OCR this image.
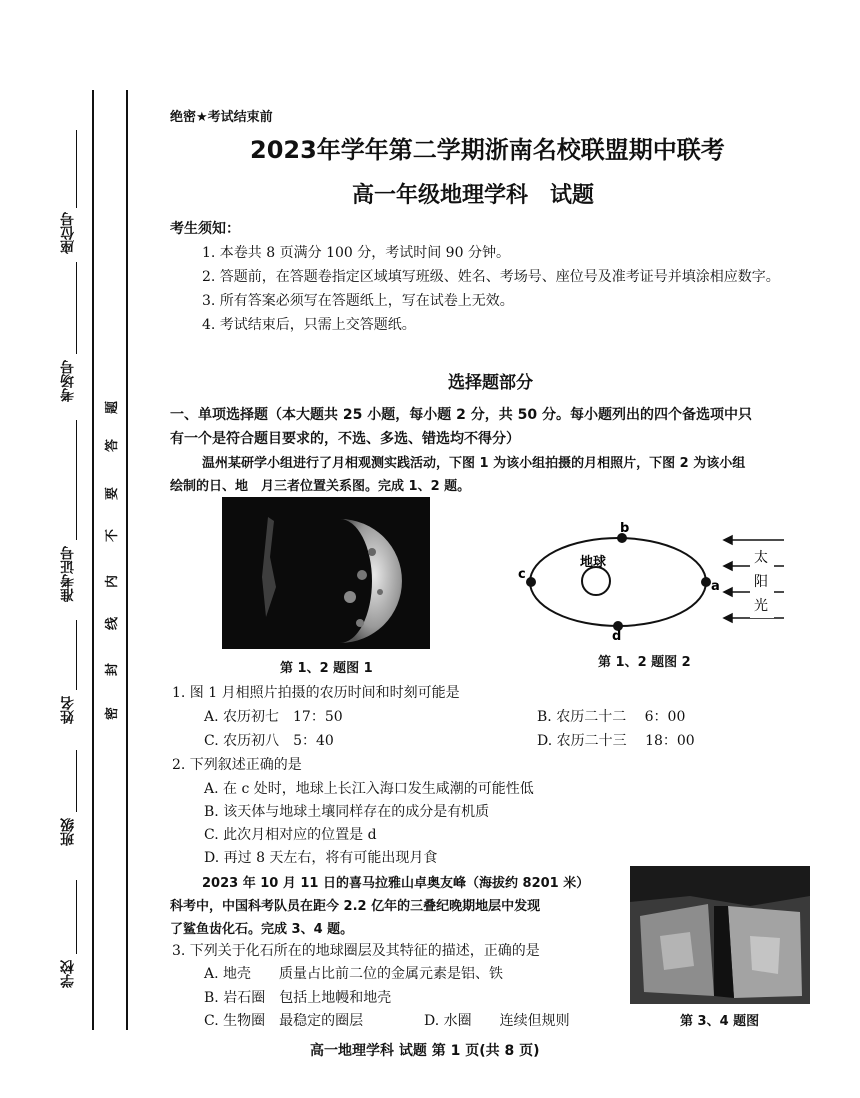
座位号
考场号
准考证号
姓名
班级
学校
题
答
要
不
内
线
封
密
绝密★考试结束前
2023年学年第二学期浙南名校联盟期中联考
高一年级地理学科　试题
考生须知：
1. 本卷共 8 页满分 100 分，考试时间 90 分钟。
2. 答题前，在答题卷指定区域填写班级、姓名、考场号、座位号及准考证号并填涂相应数字。
3. 所有答案必须写在答题纸上，写在试卷上无效。
4. 考试结束后，只需上交答题纸。
选择题部分
一、单项选择题（本大题共 25 小题，每小题 2 分，共 50 分。每小题列出的四个备选项中只
有一个是符合题目要求的，不选、多选、错选均不得分）
温州某研学小组进行了月相观测实践活动，下图 1 为该小组拍摄的月相照片，下图 2 为该小组
绘制的日、地　月三者位置关系图。完成 1、2 题。
第 1、2 题图 1
地球
a
b
c
d
太
阳
光
第 1、2 题图 2
1. 图 1 月相照片拍摄的农历时间和时刻可能是
A. 农历初七　17：50	B. 农历二十二　 6：00
C. 农历初八　5：40	D. 农历二十三　 18：00
2. 下列叙述正确的是
A. 在 c 处时，地球上长江入海口发生咸潮的可能性低
B. 该天体与地球土壤同样存在的成分是有机质
C. 此次月相对应的位置是 d
D. 再过 8 天左右，将有可能出现月食
2023 年 10 月 11 日的喜马拉雅山卓奥友峰（海拔约 8201 米）
科考中，中国科考队员在距今 2.2 亿年的三叠纪晚期地层中发现
了鲨鱼齿化石。完成 3、4 题。
第 3、4 题图
3. 下列关于化石所在的地球圈层及其特征的描述，正确的是
A. 地壳　　质量占比前二位的金属元素是铝、铁
B. 岩石圈　包括上地幔和地壳
C. 生物圈　最稳定的圈层	D. 水圈　　连续但规则
高一地理学科 试题 第 1 页(共 8 页)
